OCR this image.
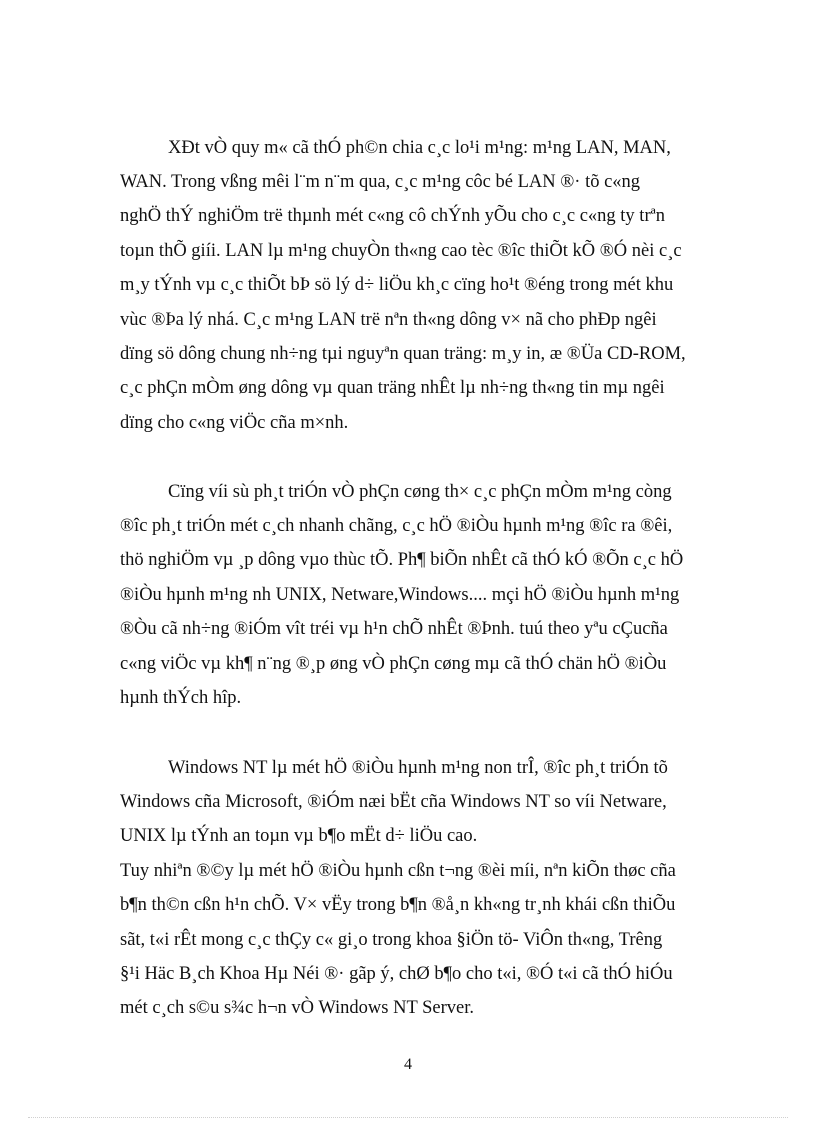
XÐt vÒ quy m« cã thÓ ph©n chia c¸c lo¹i m¹ng: m¹ng LAN, MAN,
WAN. Trong vßng mêi l¨m n¨m qua, c¸c m¹ng côc bé LAN ®· tõ c«ng
nghÖ thÝ nghiÖm trë thµnh mét c«ng cô chÝnh yÕu cho c¸c c«ng ty trªn
toµn thÕ giíi. LAN lµ m¹ng chuyÒn th«ng cao tèc ®îc thiÕt kÕ ®Ó nèi c¸c
m¸y tÝnh vµ c¸c thiÕt bÞ sö lý d÷ liÖu kh¸c cïng ho¹t ®éng trong mét khu
vùc ®Þa lý nhá. C¸c m¹ng LAN trë nªn th«ng dông v× nã cho phÐp ngêi
dïng sö dông chung nh÷ng tµi nguyªn quan träng: m¸y in, æ ®Üa CD-ROM,
c¸c phÇn mÒm øng dông vµ quan träng nhÊt lµ nh÷ng th«ng tin mµ ngêi
dïng cho c«ng viÖc cña m×nh.
Cïng víi sù ph¸t triÓn vÒ phÇn cøng th× c¸c phÇn mÒm m¹ng còng
®îc ph¸t triÓn mét c¸ch nhanh chãng, c¸c hÖ ®iÒu hµnh m¹ng ®îc ra ®êi,
thö nghiÖm vµ ¸p dông vµo thùc tÕ. Ph¶ biÕn nhÊt cã thÓ kÓ ®Õn c¸c hÖ
®iÒu hµnh m¹ng nh UNIX, Netware,Windows.... mçi hÖ ®iÒu hµnh m¹ng
®Òu cã nh÷ng ®iÓm vît tréi vµ h¹n chÕ nhÊt ®Þnh. tuú theo yªu cÇucña
c«ng viÖc vµ kh¶ n¨ng ®¸p øng vÒ phÇn cøng mµ cã thÓ chän hÖ ®iÒu
hµnh thÝch hîp.
Windows NT lµ mét hÖ ®iÒu hµnh m¹ng non trÎ, ®îc ph¸t triÓn tõ
Windows cña Microsoft, ®iÓm næi bËt cña Windows NT so víi Netware,
UNIX lµ tÝnh an toµn vµ b¶o mËt d÷ liÖu cao.
Tuy nhiªn ®©y lµ mét hÖ ®iÒu hµnh cßn t¬ng ®èi míi, nªn kiÕn thøc cña
b¶n th©n cßn h¹n chÕ. V× vËy trong b¶n ®å¸n kh«ng tr¸nh khái cßn thiÕu
sãt, t«i rÊt mong c¸c thÇy c« gi¸o trong khoa §iÖn tö- ViÔn th«ng, Trêng
§¹i Häc B¸ch Khoa Hµ Néi ®· gãp ý, chØ b¶o cho t«i, ®Ó t«i cã thÓ hiÓu
mét c¸ch s©u s¾c h¬n vÒ Windows NT Server.
4
